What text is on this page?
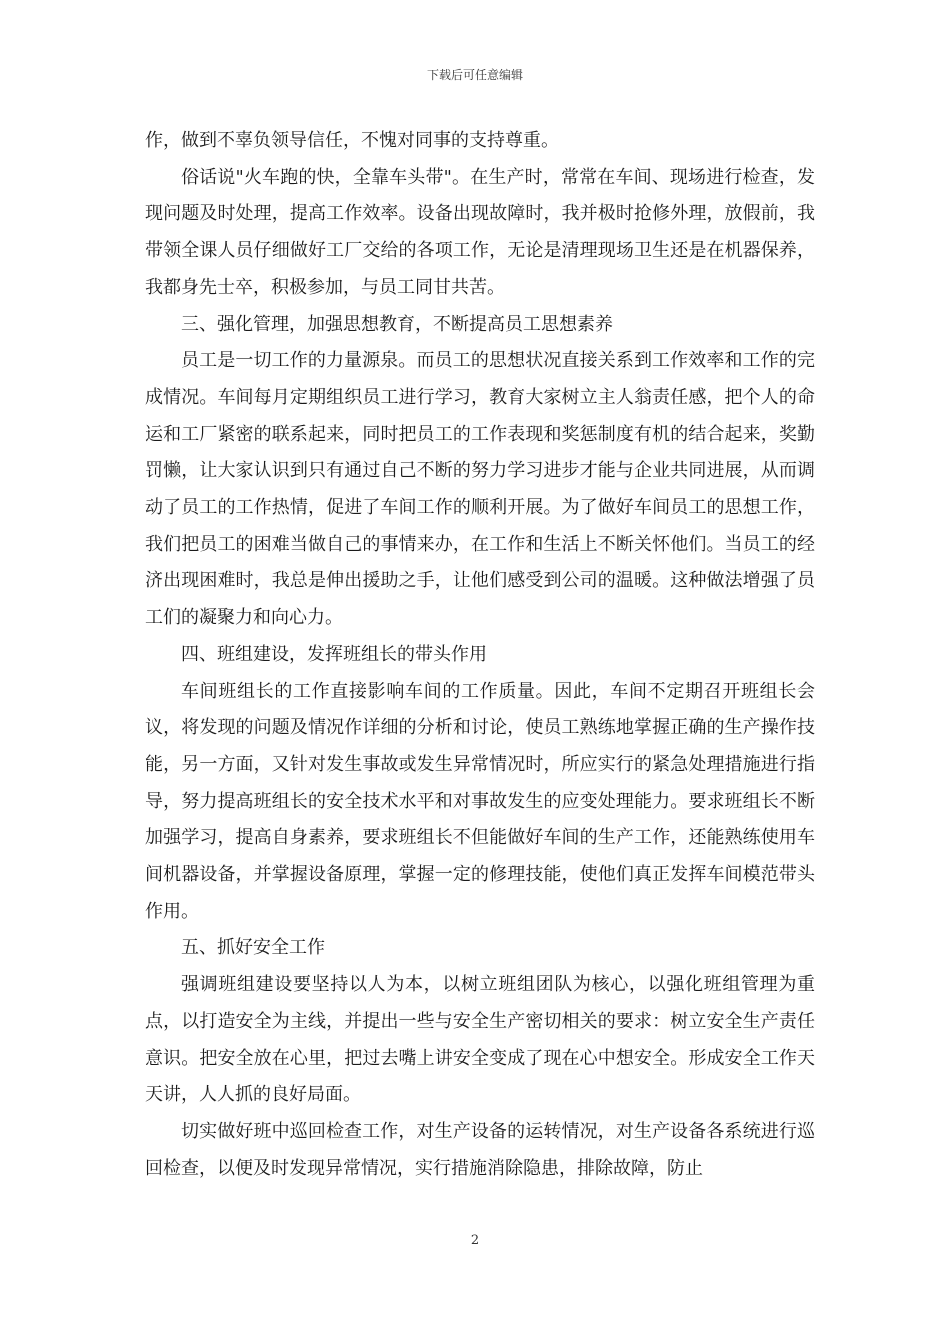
下载后可任意编辑

作，做到不辜负领导信任，不愧对同事的支持尊重。

俗话说"火车跑的快，全靠车头带"。在生产时，常常在车间、现场进行检查，发现问题及时处理，提高工作效率。设备出现故障时，我并极时抢修外理，放假前，我带领全课人员仔细做好工厂交给的各项工作，无论是清理现场卫生还是在机器保养，我都身先士卒，积极参加，与员工同甘共苦。

三、强化管理，加强思想教育，不断提高员工思想素养

员工是一切工作的力量源泉。而员工的思想状况直接关系到工作效率和工作的完成情况。车间每月定期组织员工进行学习，教育大家树立主人翁责任感，把个人的命运和工厂紧密的联系起来，同时把员工的工作表现和奖惩制度有机的结合起来，奖勤罚懒，让大家认识到只有通过自己不断的努力学习进步才能与企业共同进展，从而调动了员工的工作热情，促进了车间工作的顺利开展。为了做好车间员工的思想工作，我们把员工的困难当做自己的事情来办，在工作和生活上不断关怀他们。当员工的经济出现困难时，我总是伸出援助之手，让他们感受到公司的温暖。这种做法增强了员工们的凝聚力和向心力。

四、班组建设，发挥班组长的带头作用

车间班组长的工作直接影响车间的工作质量。因此，车间不定期召开班组长会议，将发现的问题及情况作详细的分析和讨论，使员工熟练地掌握正确的生产操作技能，另一方面，又针对发生事故或发生异常情况时，所应实行的紧急处理措施进行指导，努力提高班组长的安全技术水平和对事故发生的应变处理能力。要求班组长不断加强学习，提高自身素养，要求班组长不但能做好车间的生产工作，还能熟练使用车间机器设备，并掌握设备原理，掌握一定的修理技能，使他们真正发挥车间模范带头作用。

五、抓好安全工作

强调班组建设要坚持以人为本，以树立班组团队为核心，以强化班组管理为重点，以打造安全为主线，并提出一些与安全生产密切相关的要求：树立安全生产责任意识。把安全放在心里，把过去嘴上讲安全变成了现在心中想安全。形成安全工作天天讲，人人抓的良好局面。

切实做好班中巡回检查工作，对生产设备的运转情况，对生产设备各系统进行巡回检查，以便及时发现异常情况，实行措施消除隐患，排除故障，防止

2
